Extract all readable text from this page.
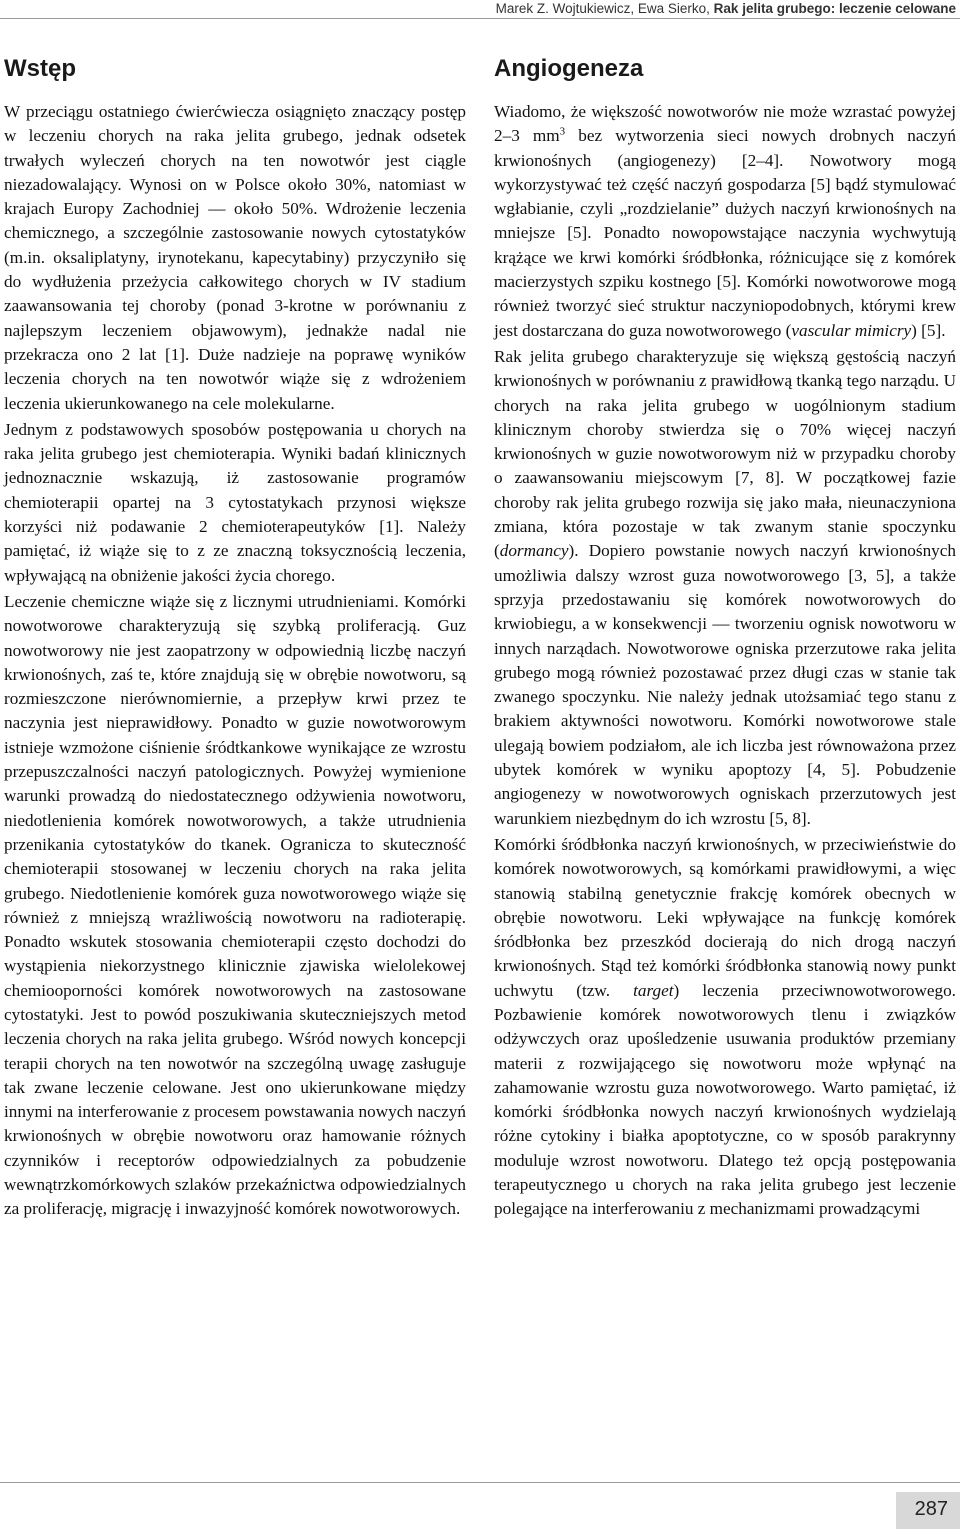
Marek Z. Wojtukiewicz, Ewa Sierko, Rak jelita grubego: leczenie celowane
Wstęp

W przeciągu ostatniego ćwierćwiecza osiągnięto znaczący postęp w leczeniu chorych na raka jelita grubego, jednak odsetek trwałych wyleczeń chorych na ten nowotwór jest ciągle niezadowalający. Wynosi on w Polsce około 30%, natomiast w krajach Europy Zachodniej — około 50%. Wdrożenie leczenia chemicznego, a szczególnie zastosowanie nowych cytostatyków (m.in. oksaliplatyny, irynotekanu, kapecytabiny) przyczyniło się do wydłużenia przeżycia całkowitego chorych w IV stadium zaawansowania tej choroby (ponad 3-krotne w porównaniu z najlepszym leczeniem objawowym), jednakże nadal nie przekracza ono 2 lat [1]. Duże nadzieje na poprawę wyników leczenia chorych na ten nowotwór wiąże się z wdrożeniem leczenia ukierunkowanego na cele molekularne.

Jednym z podstawowych sposobów postępowania u chorych na raka jelita grubego jest chemioterapia. Wyniki badań klinicznych jednoznacznie wskazują, iż zastosowanie programów chemioterapii opartej na 3 cytostatykach przynosi większe korzyści niż podawanie 2 chemioterapeutyków [1]. Należy pamiętać, iż wiąże się to z ze znaczną toksycznością leczenia, wpływającą na obniżenie jakości życia chorego.

Leczenie chemiczne wiąże się z licznymi utrudnieniami. Komórki nowotworowe charakteryzują się szybką proliferacją. Guz nowotworowy nie jest zaopatrzony w odpowiednią liczbę naczyń krwionośnych, zaś te, które znajdują się w obrębie nowotworu, są rozmieszczone nierównomiernie, a przepływ krwi przez te naczynia jest nieprawidłowy. Ponadto w guzie nowotworowym istnieje wzmożone ciśnienie śródtkankowe wynikające ze wzrostu przepuszczalności naczyń patologicznych. Powyżej wymienione warunki prowadzą do niedostatecznego odżywienia nowotworu, niedotlenienia komórek nowotworowych, a także utrudnienia przenikania cytostatyków do tkanek. Ogranicza to skuteczność chemioterapii stosowanej w leczeniu chorych na raka jelita grubego. Niedotlenienie komórek guza nowotworowego wiąże się również z mniejszą wrażliwością nowotworu na radioterapię. Ponadto wskutek stosowania chemioterapii często dochodzi do wystąpienia niekorzystnego klinicznie zjawiska wielolekowej chemiooporności komórek nowotworowych na zastosowane cytostatyki. Jest to powód poszukiwania skuteczniejszych metod leczenia chorych na raka jelita grubego. Wśród nowych koncepcji terapii chorych na ten nowotwór na szczególną uwagę zasługuje tak zwane leczenie celowane. Jest ono ukierunkowane między innymi na interferowanie z procesem powstawania nowych naczyń krwionośnych w obrębie nowotworu oraz hamowanie różnych czynników i receptorów odpowiedzialnych za pobudzenie wewnątrzkomórkowych szlaków przekaźnictwa odpowiedzialnych za proliferację, migrację i inwazyjność komórek nowotworowych.

Angiogeneza

Wiadomo, że większość nowotworów nie może wzrastać powyżej 2–3 $mm^3$ bez wytworzenia sieci nowych drobnych naczyń krwionośnych (angiogenezy) [2–4]. Nowotwory mogą wykorzystywać też część naczyń gospodarza [5] bądź stymulować wgłabianie, czyli „rozdzielanie” dużych naczyń krwionośnych na mniejsze [5]. Ponadto nowopowstające naczynia wychwytują krążące we krwi komórki śródbłonka, różnicujące się z komórek macierzystych szpiku kostnego [5]. Komórki nowotworowe mogą również tworzyć sieć struktur naczyniopodobnych, którymi krew jest dostarczana do guza nowotworowego (vascular mimicry) [5].

Rak jelita grubego charakteryzuje się większą gęstością naczyń krwionośnych w porównaniu z prawidłową tkanką tego narządu. U chorych na raka jelita grubego w uogólnionym stadium klinicznym choroby stwierdza się o 70% więcej naczyń krwionośnych w guzie nowotworowym niż w przypadku choroby o zaawansowaniu miejscowym [7, 8]. W początkowej fazie choroby rak jelita grubego rozwija się jako mała, nieunaczyniona zmiana, która pozostaje w tak zwanym stanie spoczynku (dormancy). Dopiero powstanie nowych naczyń krwionośnych umożliwia dalszy wzrost guza nowotworowego [3, 5], a także sprzyja przedostawaniu się komórek nowotworowych do krwiobiegu, a w konsekwencji — tworzeniu ognisk nowotworu w innych narządach. Nowotworowe ogniska przerzutowe raka jelita grubego mogą również pozostawać przez długi czas w stanie tak zwanego spoczynku. Nie należy jednak utożsamiać tego stanu z brakiem aktywności nowotworu. Komórki nowotworowe stale ulegają bowiem podziałom, ale ich liczba jest równoważona przez ubytek komórek w wyniku apoptozy [4, 5]. Pobudzenie angiogenezy w nowotworowych ogniskach przerzutowych jest warunkiem niezbędnym do ich wzrostu [5, 8].

Komórki śródbłonka naczyń krwionośnych, w przeciwieństwie do komórek nowotworowych, są komórkami prawidłowymi, a więc stanowią stabilną genetycznie frakcję komórek obecnych w obrębie nowotworu. Leki wpływające na funkcję komórek śródbłonka bez przeszkód docierają do nich drogą naczyń krwionośnych. Stąd też komórki śródbłonka stanowią nowy punkt uchwytu (tzw. target) leczenia przeciwnowotworowego. Pozbawienie komórek nowotworowych tlenu i związków odżywczych oraz upośledzenie usuwania produktów przemiany materii z rozwijającego się nowotworu może wpłynąć na zahamowanie wzrostu guza nowotworowego. Warto pamiętać, iż komórki śródbłonka nowych naczyń krwionośnych wydzielają różne cytokiny i białka apoptotyczne, co w sposób parakrynny moduluje wzrost nowotworu. Dlatego też opcją postępowania terapeutycznego u chorych na raka jelita grubego jest leczenie polegające na interferowaniu z mechanizmami prowadzącymi

287
